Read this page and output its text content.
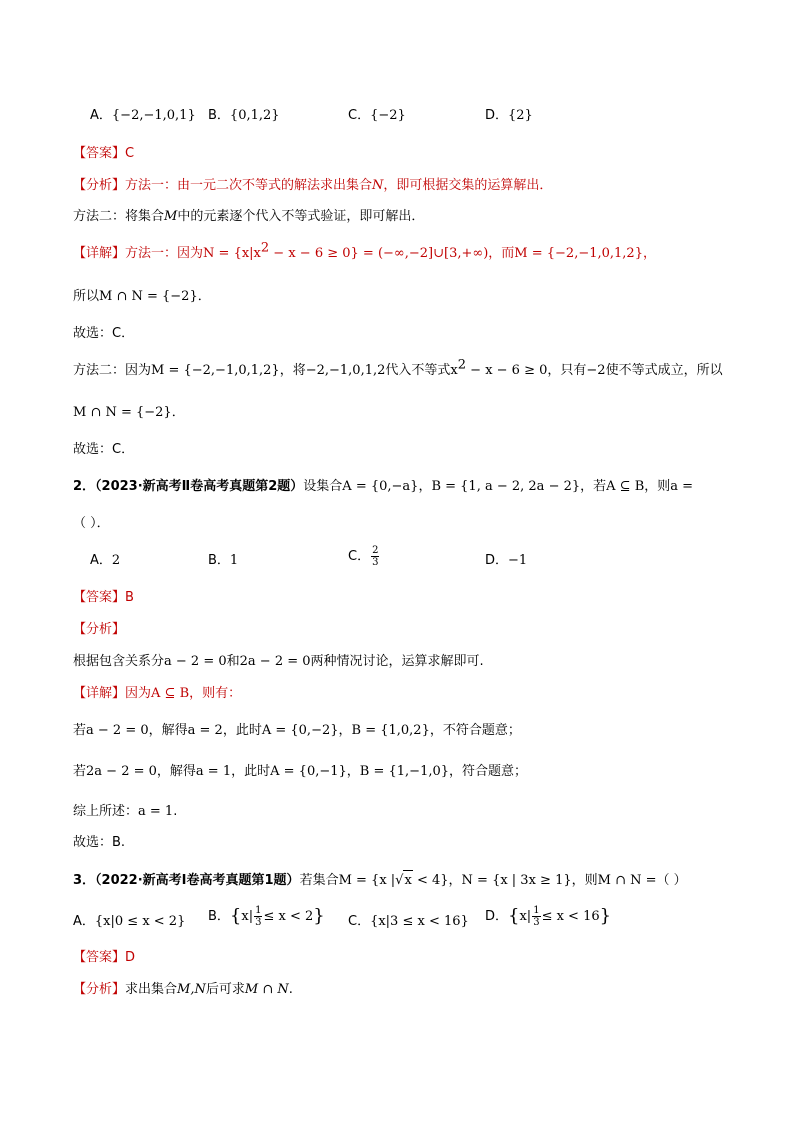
A．{−2,−1,0,1} B．{0,1,2}	C．{−2}	D．{2}
【答案】C
【分析】方法一：由一元二次不等式的解法求出集合N，即可根据交集的运算解出．
方法二：将集合M中的元素逐个代入不等式验证，即可解出．
【详解】方法一：因为$N = \{x|x^2 - x - 6 \ge 0\}$ = (−∞,−2]∪[3,+∞)，而M = {−2,−1,0,1,2}，
所以M ∩ N = {−2}．
故选：C．
方法二：因为M = {−2,−1,0,1,2}，将−2,−1,0,1,2代入不等式$x^2 - x - 6 \ge 0$，只有−2使不等式成立，所以
M ∩ N = {−2}．
故选：C．
2．（2023·新高考Ⅱ卷高考真题第2题）设集合A = {0,−a}，B = {1, a − 2, 2a − 2}，若A ⊆ B，则a =
（ ）．
A．2	B．1	C． $\frac{2}{3}$	D．−1
【答案】B
【分析】
根据包含关系分a − 2 = 0和2a − 2 = 0两种情况讨论，运算求解即可.
【详解】因为A ⊆ B，则有：
若a − 2 = 0，解得a = 2，此时A = {0,−2}，B = {1,0,2}，不符合题意；
若2a − 2 = 0，解得a = 1，此时A = {0,−1}，B = {1,−1,0}，符合题意；
综上所述：a = 1.
故选：B.
3．（2022·新高考Ⅰ卷高考真题第1题）若集合M = {x |√x < 4}，N = {x | 3x ≥ 1}，则M ∩ N =（ ）
A．{x|0 ≤ x < 2} B．$\{x| \frac{1}{3} \le x < 2\}$ C．{x|3 ≤ x < 16} D．$\{x| \frac{1}{3} \le x < 16\}$
【答案】D
【分析】求出集合M,N后可求M ∩ N.
